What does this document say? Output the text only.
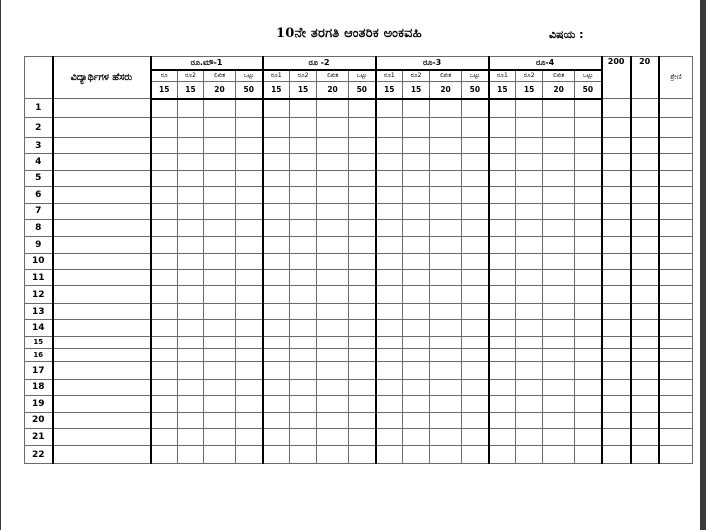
10ನೇ ತರಗತಿ ಆಂತರಿಕ ಅಂಕವಹಿ	ವಿಷಯ :
	ವಿದ್ಯಾರ್ಥಿಗಳ ಹೆಸರು	ರೂ.ಮೌ-1				ರೂ -2				ರೂ-3				ರೂ-4				200	20	ಶ್ರೇಣಿ
		ರೂ	ರೂ2	ಲಿಖಿತ	ಒಟ್ಟು	ರೂ1	ರೂ2	ಲಿಖಿತ	ಒಟ್ಟು	ರೂ1	ರೂ2	ಲಿಖಿತ	ಒಟ್ಟು	ರೂ1	ರೂ2	ಲಿಖಿತ	ಒಟ್ಟು			
		15	15	20	50	15	15	20	50	15	15	20	50	15	15	20	50			
1																				
2																				
3																				
4																				
5																				
6																				
7																				
8																				
9																				
10																				
11																				
12																				
13																				
14																				
15																				
16																				
17																				
18																				
19																				
20																				
21																				
22																				
